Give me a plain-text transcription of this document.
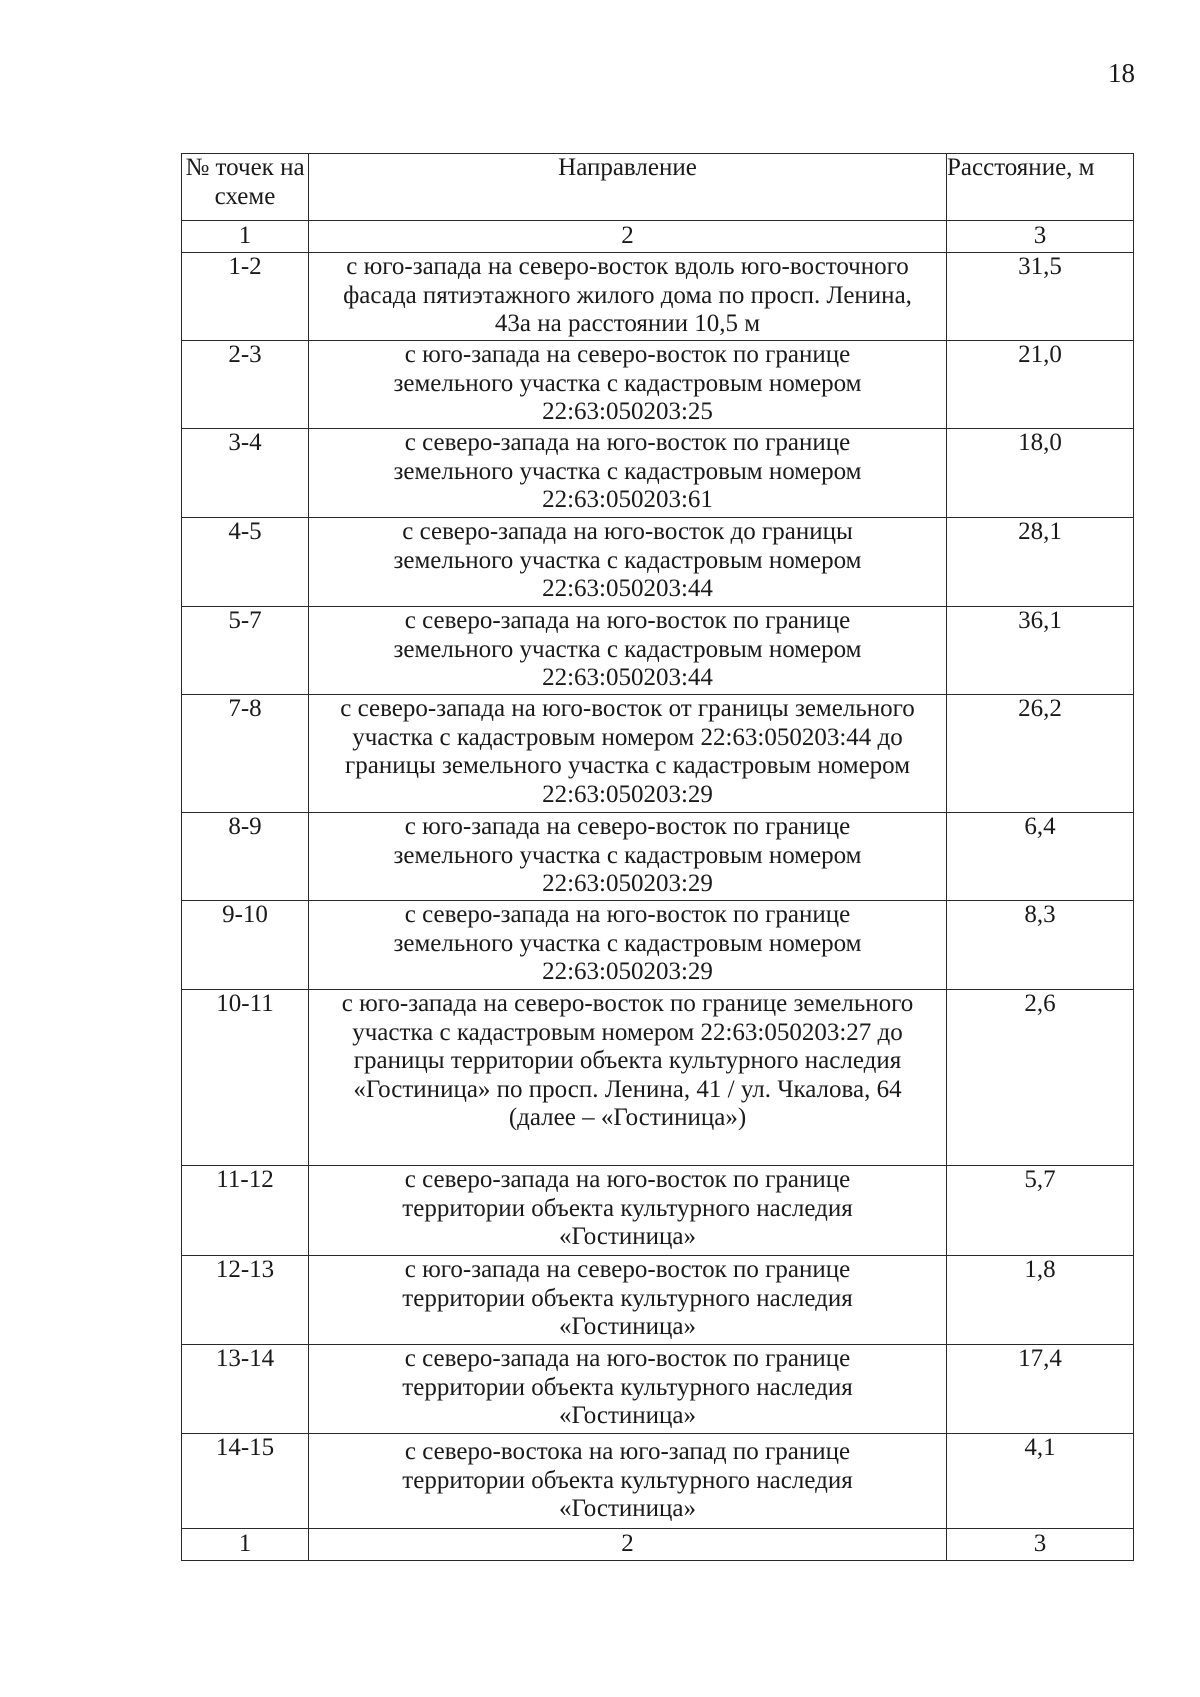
18
№ точек на схеме	Направление	Расстояние, м
1	2	3
1-2	с юго-запада на северо-восток вдоль юго-восточного фасада пятиэтажного жилого дома по просп. Ленина, 43а на расстоянии 10,5 м	31,5
2-3	с юго-запада на северо-восток по границе земельного участка с кадастровым номером 22:63:050203:25	21,0
3-4	с северо-запада на юго-восток по границе земельного участка с кадастровым номером 22:63:050203:61	18,0
4-5	с северо-запада на юго-восток до границы земельного участка с кадастровым номером 22:63:050203:44	28,1
5-7	с северо-запада на юго-восток по границе земельного участка с кадастровым номером 22:63:050203:44	36,1
7-8	с северо-запада на юго-восток от границы земельного участка с кадастровым номером 22:63:050203:44 до границы земельного участка с кадастровым номером 22:63:050203:29	26,2
8-9	с юго-запада на северо-восток по границе земельного участка с кадастровым номером 22:63:050203:29	6,4
9-10	с северо-запада на юго-восток по границе земельного участка с кадастровым номером 22:63:050203:29	8,3
10-11	с юго-запада на северо-восток по границе земельного участка с кадастровым номером 22:63:050203:27 до границы территории объекта культурного наследия «Гостиница» по просп. Ленина, 41 / ул. Чкалова, 64 (далее – «Гостиница»)	2,6
11-12	с северо-запада на юго-восток по границе территории объекта культурного наследия «Гостиница»	5,7
12-13	с юго-запада на северо-восток по границе территории объекта культурного наследия «Гостиница»	1,8
13-14	с северо-запада на юго-восток по границе территории объекта культурного наследия «Гостиница»	17,4
14-15	с северо-востока на юго-запад по границе территории объекта культурного наследия «Гостиница»	4,1
1	2	3
